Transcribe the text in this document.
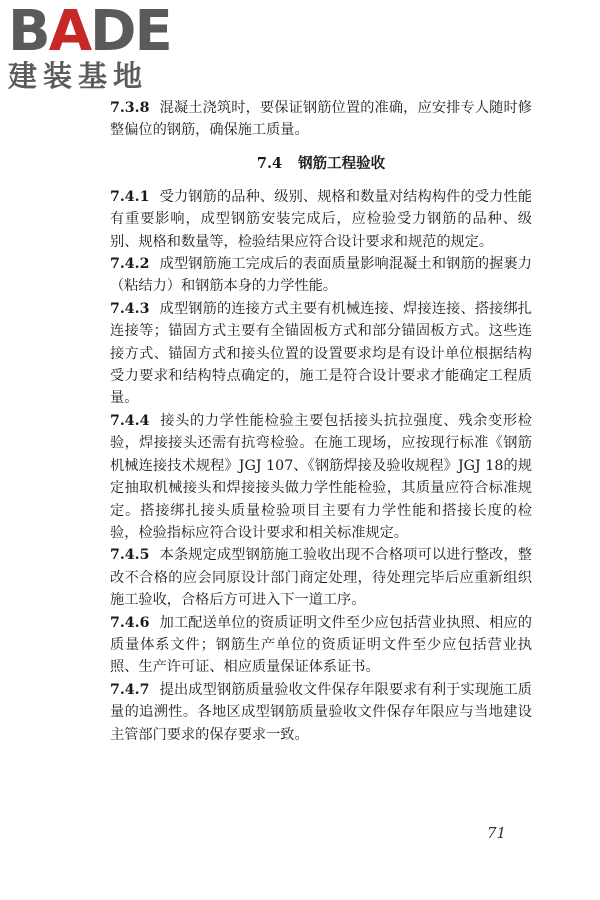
BADE
建装基地

7.3.8 混凝土浇筑时，要保证钢筋位置的准确，应安排专人随时修整偏位的钢筋，确保施工质量。

7.4 钢筋工程验收

7.4.1 受力钢筋的品种、级别、规格和数量对结构构件的受力性能有重要影响，成型钢筋安装完成后，应检验受力钢筋的品种、级别、规格和数量等，检验结果应符合设计要求和规范的规定。

7.4.2 成型钢筋施工完成后的表面质量影响混凝土和钢筋的握裹力（粘结力）和钢筋本身的力学性能。

7.4.3 成型钢筋的连接方式主要有机械连接、焊接连接、搭接绑扎连接等；锚固方式主要有全锚固板方式和部分锚固板方式。这些连接方式、锚固方式和接头位置的设置要求均是有设计单位根据结构受力要求和结构特点确定的，施工是符合设计要求才能确定工程质量。

7.4.4 接头的力学性能检验主要包括接头抗拉强度、残余变形检验，焊接接头还需有抗弯检验。在施工现场，应按现行标准《钢筋机械连接技术规程》JGJ 107、《钢筋焊接及验收规程》JGJ 18的规定抽取机械接头和焊接接头做力学性能检验，其质量应符合标准规定。搭接绑扎接头质量检验项目主要有力学性能和搭接长度的检验，检验指标应符合设计要求和相关标准规定。

7.4.5 本条规定成型钢筋施工验收出现不合格项可以进行整改，整改不合格的应会同原设计部门商定处理，待处理完毕后应重新组织施工验收，合格后方可进入下一道工序。

7.4.6 加工配送单位的资质证明文件至少应包括营业执照、相应的质量体系文件；钢筋生产单位的资质证明文件至少应包括营业执照、生产许可证、相应质量保证体系证书。

7.4.7 提出成型钢筋质量验收文件保存年限要求有利于实现施工质量的追溯性。各地区成型钢筋质量验收文件保存年限应与当地建设主管部门要求的保存要求一致。

71
